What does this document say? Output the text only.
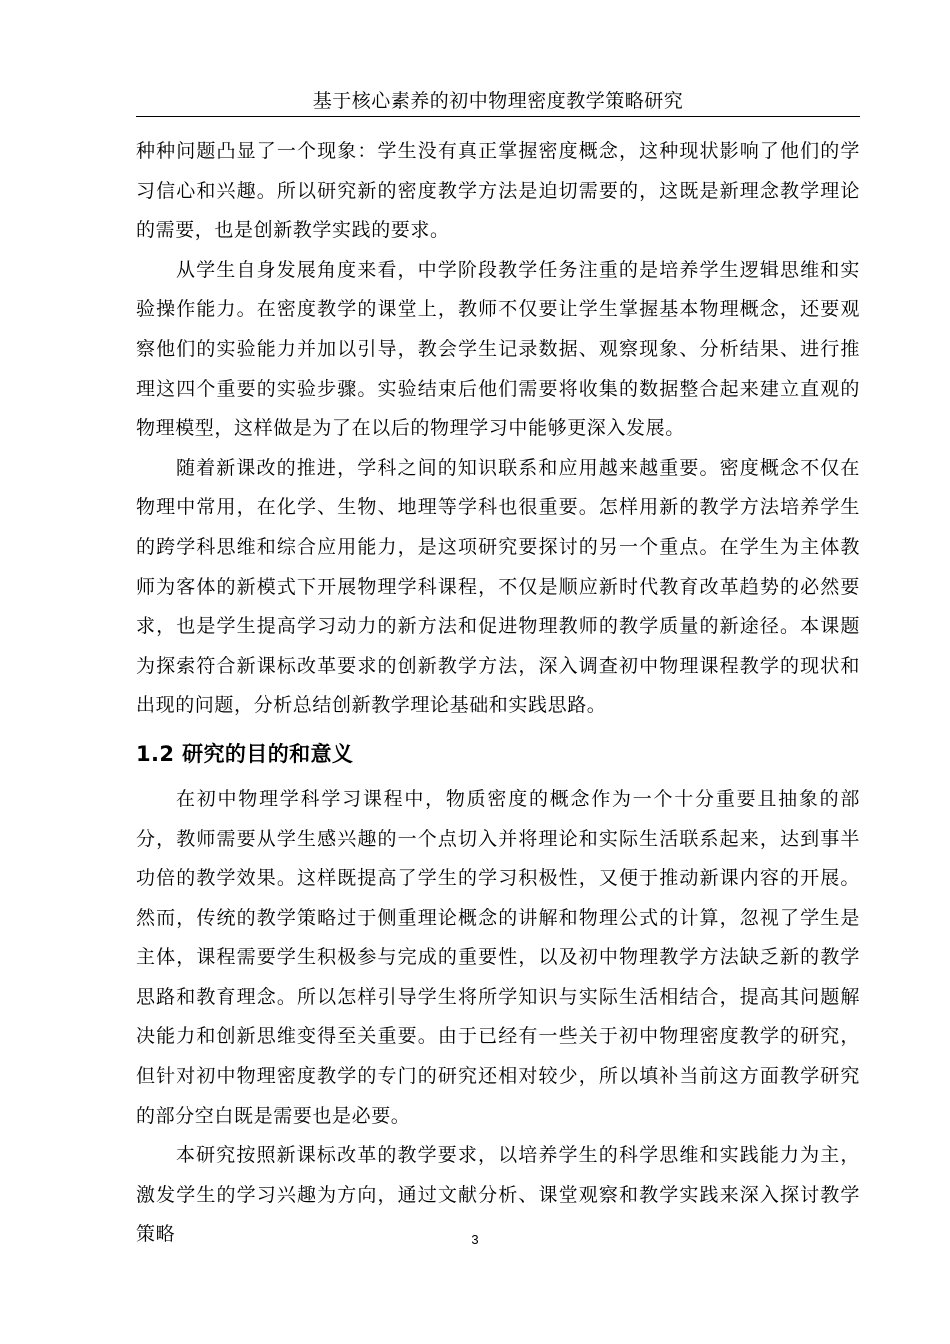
基于核心素养的初中物理密度教学策略研究

种种问题凸显了一个现象：学生没有真正掌握密度概念，这种现状影响了他们的学习信心和兴趣。所以研究新的密度教学方法是迫切需要的，这既是新理念教学理论的需要，也是创新教学实践的要求。

从学生自身发展角度来看，中学阶段教学任务注重的是培养学生逻辑思维和实验操作能力。在密度教学的课堂上，教师不仅要让学生掌握基本物理概念，还要观察他们的实验能力并加以引导，教会学生记录数据、观察现象、分析结果、进行推理这四个重要的实验步骤。实验结束后他们需要将收集的数据整合起来建立直观的物理模型，这样做是为了在以后的物理学习中能够更深入发展。

随着新课改的推进，学科之间的知识联系和应用越来越重要。密度概念不仅在物理中常用，在化学、生物、地理等学科也很重要。怎样用新的教学方法培养学生的跨学科思维和综合应用能力，是这项研究要探讨的另一个重点。在学生为主体教师为客体的新模式下开展物理学科课程，不仅是顺应新时代教育改革趋势的必然要求，也是学生提高学习动力的新方法和促进物理教师的教学质量的新途径。本课题为探索符合新课标改革要求的创新教学方法，深入调查初中物理课程教学的现状和出现的问题，分析总结创新教学理论基础和实践思路。

1.2 研究的目的和意义

在初中物理学科学习课程中，物质密度的概念作为一个十分重要且抽象的部分，教师需要从学生感兴趣的一个点切入并将理论和实际生活联系起来，达到事半功倍的教学效果。这样既提高了学生的学习积极性，又便于推动新课内容的开展。然而，传统的教学策略过于侧重理论概念的讲解和物理公式的计算，忽视了学生是主体，课程需要学生积极参与完成的重要性，以及初中物理教学方法缺乏新的教学思路和教育理念。所以怎样引导学生将所学知识与实际生活相结合，提高其问题解决能力和创新思维变得至关重要。由于已经有一些关于初中物理密度教学的研究，但针对初中物理密度教学的专门的研究还相对较少，所以填补当前这方面教学研究的部分空白既是需要也是必要。

本研究按照新课标改革的教学要求，以培养学生的科学思维和实践能力为主，激发学生的学习兴趣为方向，通过文献分析、课堂观察和教学实践来深入探讨教学策略	3
